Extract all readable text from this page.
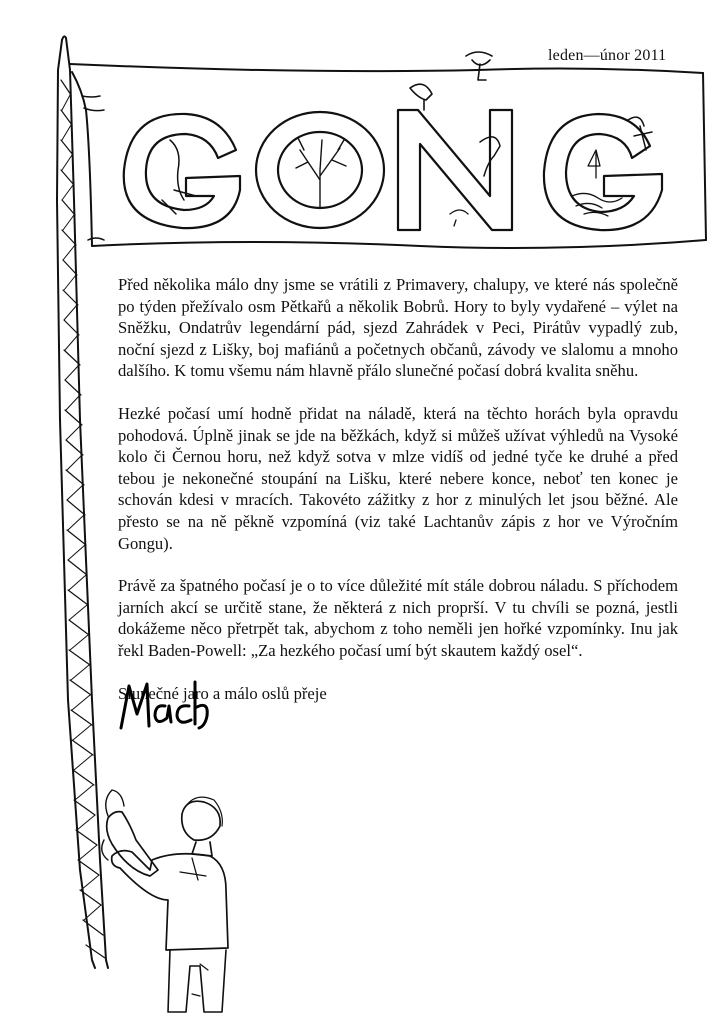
leden—únor 2011

Před několika málo dny jsme se vrátili z Primavery, chalupy, ve které nás společně po týden přežívalo osm Pětkařů a několik Bobrů. Hory to byly vydařené – výlet na Sněžku, Ondatrův legendární pád, sjezd Zahrádek v Peci, Pirátův vypadlý zub, noční sjezd z Lišky, boj mafiánů a početnych občanů, závody ve slalomu a mnoho dalšího. K tomu všemu nám hlavně přálo slunečné počasí dobrá kvalita sněhu.

Hezké počasí umí hodně přidat na náladě, která na těchto horách byla opravdu pohodová. Úplně jinak se jde na běžkách, když si můžeš užívat výhledů na Vysoké kolo či Černou horu, než když sotva v mlze vidíš od jedné tyče ke druhé a před tebou je nekonečné stoupání na Lišku, které nebere konce, neboť ten konec je schován kdesi v mracích. Takovéto zážitky z hor z minulých let jsou běžné. Ale přesto se na ně pěkně vzpomíná (viz také Lachtanův zápis z hor ve Výročním Gongu).

Právě za špatného počasí je o to více důležité mít stále dobrou náladu. S příchodem jarních akcí se určitě stane, že některá z nich proprší. V tu chvíli se pozná, jestli dokážeme něco přetrpět tak, abychom z toho neměli jen hořké vzpomínky. Inu jak řekl Baden-Powell: „Za hezkého počasí umí být skautem každý osel“.

Slunečné jaro a málo oslů přeje
